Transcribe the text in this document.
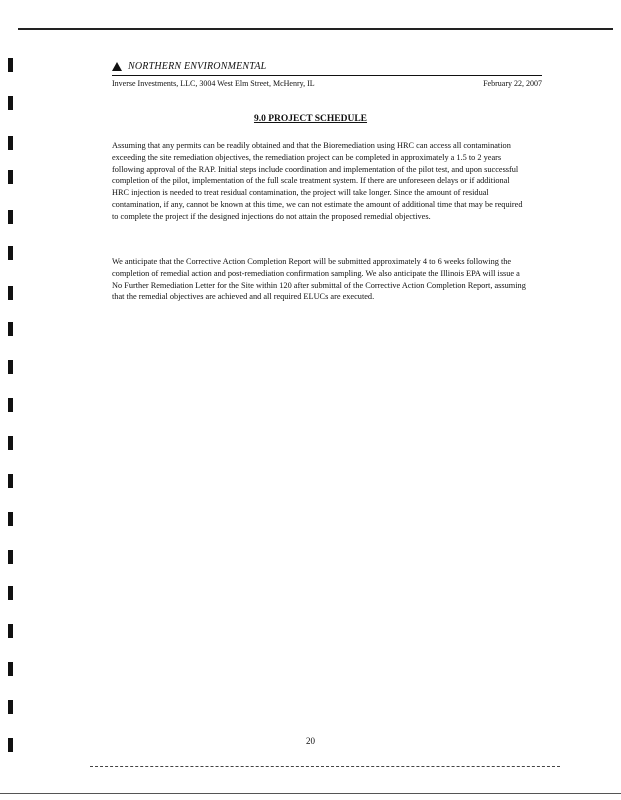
NORTHERN ENVIRONMENTAL
Inverse Investments, LLC, 3004 West Elm Street, McHenry, IL	February 22, 2007
9.0 PROJECT SCHEDULE

Assuming that any permits can be readily obtained and that the Bioremediation using HRC can access all contamination exceeding the site remediation objectives, the remediation project can be completed in approximately a 1.5 to 2 years following approval of the RAP. Initial steps include coordination and implementation of the pilot test, and upon successful completion of the pilot, implementation of the full scale treatment system. If there are unforeseen delays or if additional HRC injection is needed to treat residual contamination, the project will take longer. Since the amount of residual contamination, if any, cannot be known at this time, we can not estimate the amount of additional time that may be required to complete the project if the designed injections do not attain the proposed remedial objectives.

We anticipate that the Corrective Action Completion Report will be submitted approximately 4 to 6 weeks following the completion of remedial action and post-remediation confirmation sampling. We also anticipate the Illinois EPA will issue a No Further Remediation Letter for the Site within 120 after submittal of the Corrective Action Completion Report, assuming that the remedial objectives are achieved and all required ELUCs are executed.

20
